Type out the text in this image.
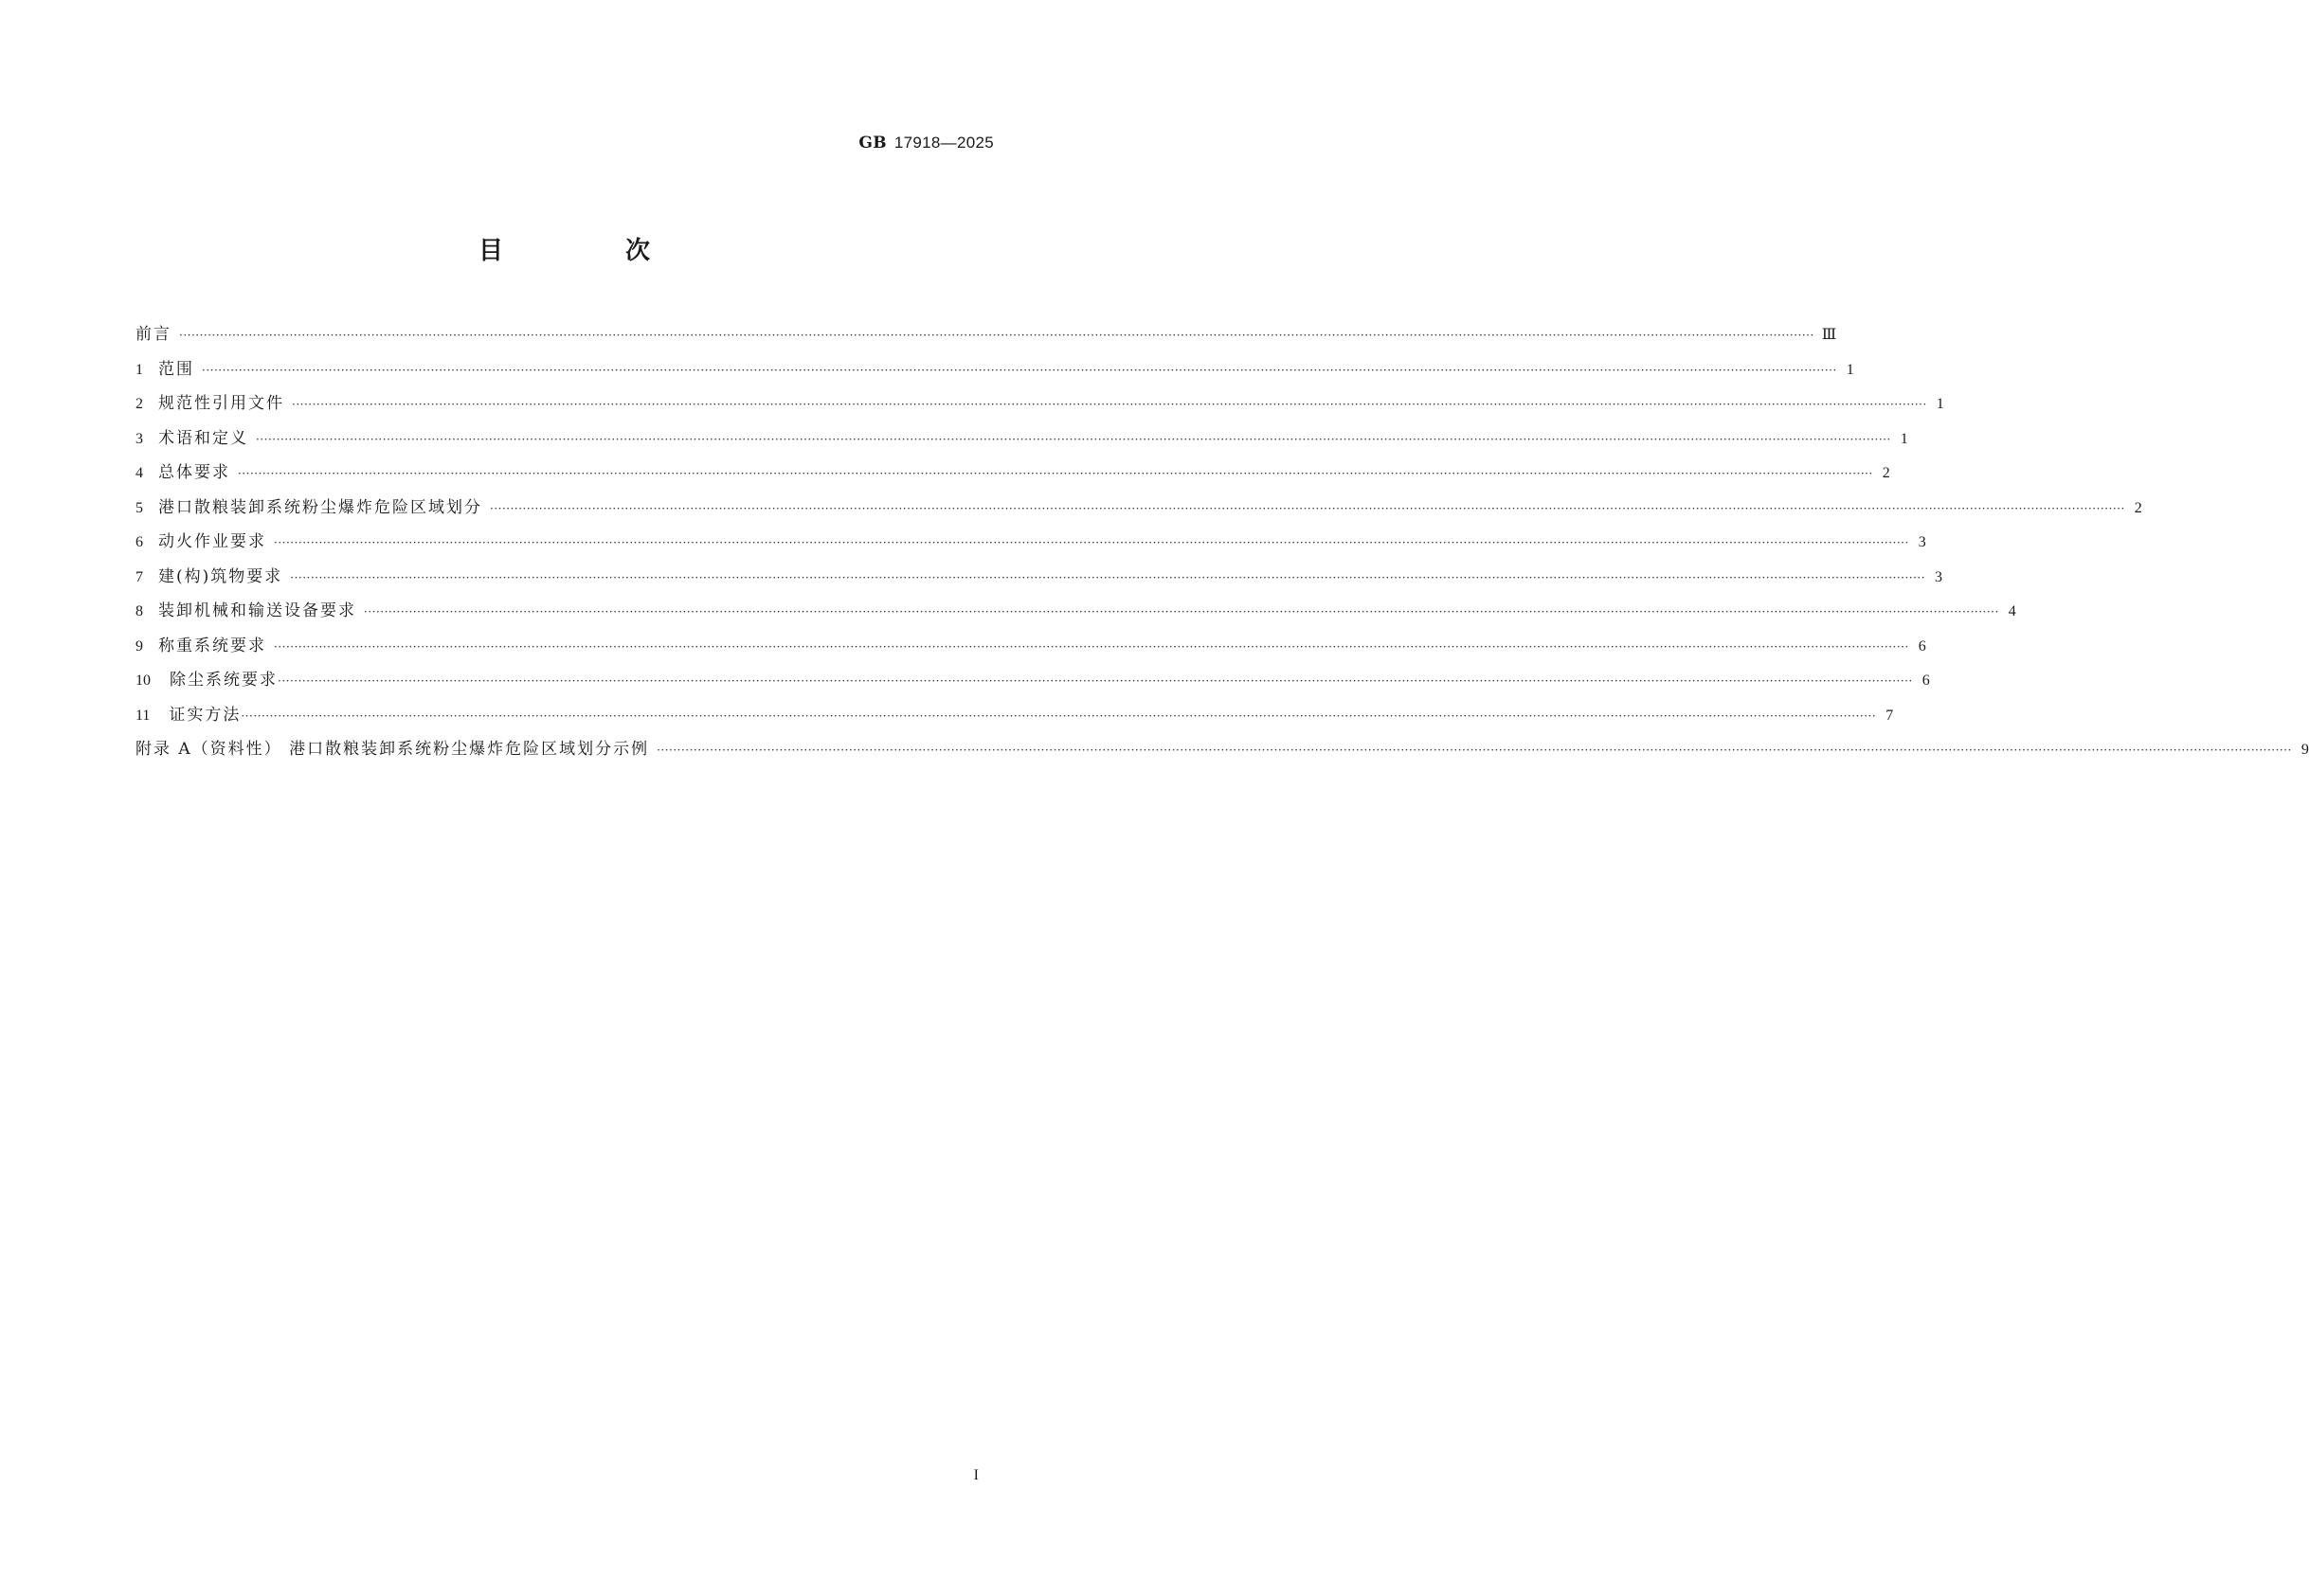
GB 17918—2025
目 次
前言 ················································································································································································································································································································································································································ Ⅲ
1 范围 ················································································································································································································································································································································································································ 1
2 规范性引用文件 ················································································································································································································································································································································································································ 1
3 术语和定义 ················································································································································································································································································································································································································ 1
4 总体要求 ················································································································································································································································································································································································································ 2
5 港口散粮装卸系统粉尘爆炸危险区域划分 ················································································································································································································································································································································································································ 2
6 动火作业要求 ················································································································································································································································································································································································································ 3
7 建(构)筑物要求 ················································································································································································································································································································································································································ 3
8 装卸机械和输送设备要求 ················································································································································································································································································································································································································ 4
9 称重系统要求 ················································································································································································································································································································································································································ 6
10 除尘系统要求 ················································································································································································································································································································································································································ 6
11 证实方法 ················································································································································································································································································································································································································ 7
附录 A（资料性） 港口散粮装卸系统粉尘爆炸危险区域划分示例 ················································································································································································································································································································································································································ 9
I
